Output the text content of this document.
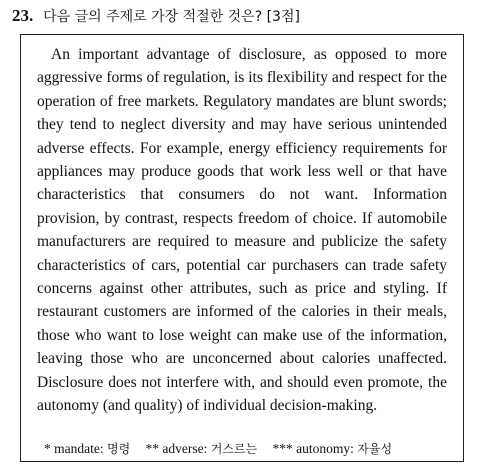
23. 다음 글의 주제로 가장 적절한 것은? [3점]

An important advantage of disclosure, as opposed to more aggressive forms of regulation, is its flexibility and respect for the operation of free markets. Regulatory mandates are blunt swords; they tend to neglect diversity and may have serious unintended adverse effects. For example, energy efficiency requirements for appliances may produce goods that work less well or that have characteristics that consumers do not want. Information provision, by contrast, respects freedom of choice. If automobile manufacturers are required to measure and publicize the safety characteristics of cars, potential car purchasers can trade safety concerns against other attributes, such as price and styling. If restaurant customers are informed of the calories in their meals, those who want to lose weight can make use of the information, leaving those who are unconcerned about calories unaffected. Disclosure does not interfere with, and should even promote, the autonomy (and quality) of individual decision-making.

* mandate: 명령 ** adverse: 거스르는 *** autonomy: 자율성
